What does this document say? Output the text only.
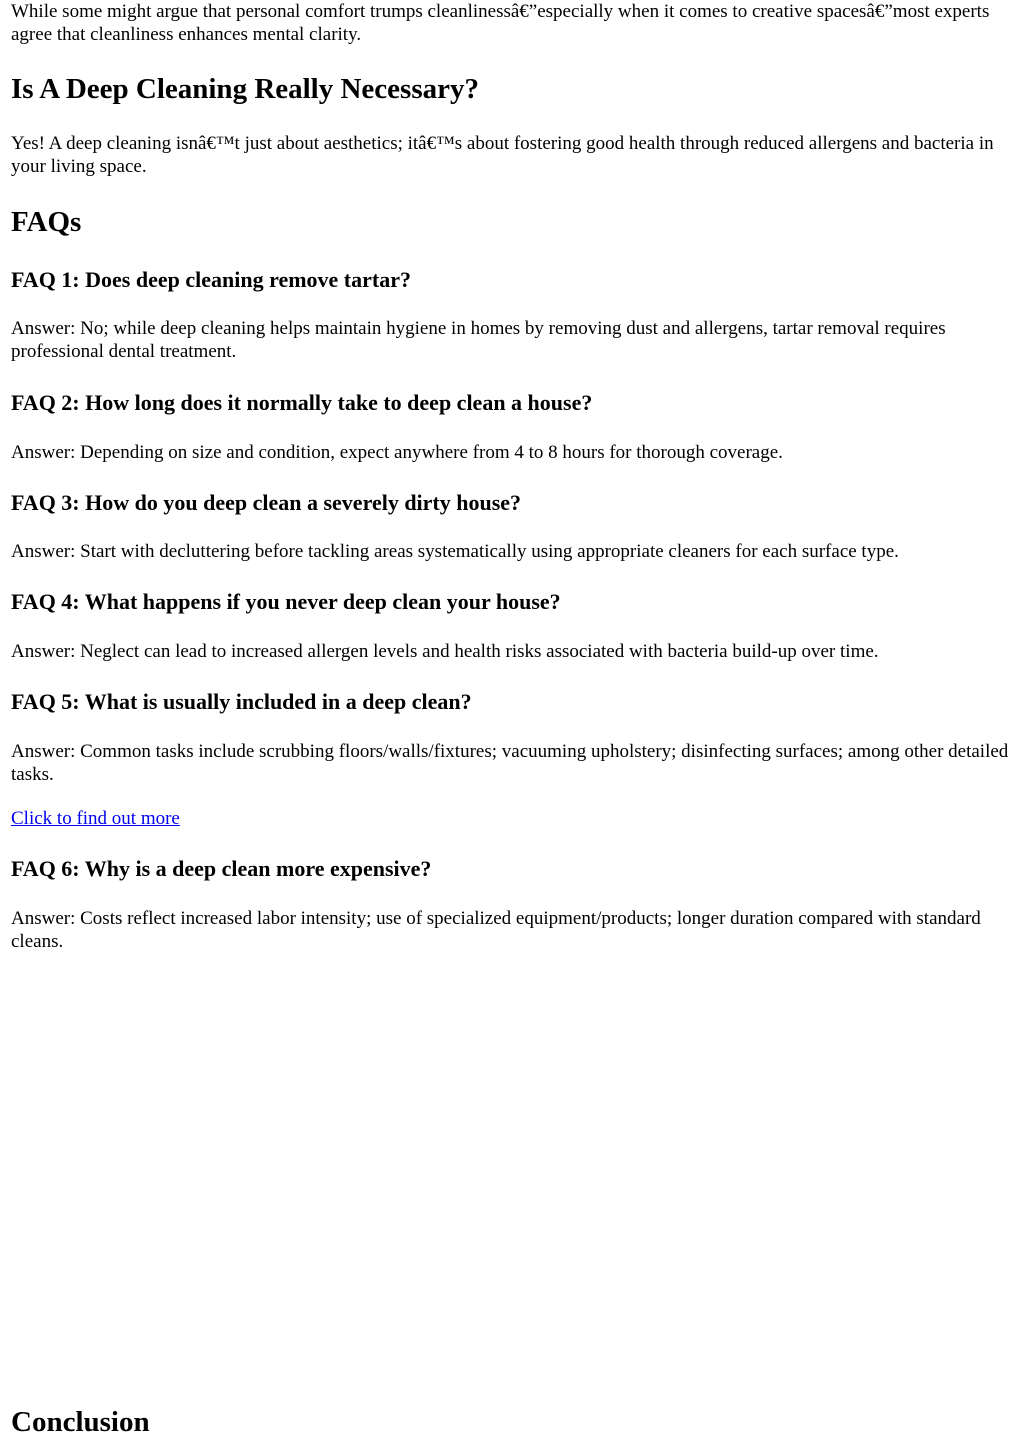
While some might argue that personal comfort trumps cleanlinessâ€”especially when it comes to creative spacesâ€”most experts agree that cleanliness enhances mental clarity.

Is A Deep Cleaning Really Necessary?

Yes! A deep cleaning isnâ€™t just about aesthetics; itâ€™s about fostering good health through reduced allergens and bacteria in your living space.

FAQs
FAQ 1: Does deep cleaning remove tartar?

Answer: No; while deep cleaning helps maintain hygiene in homes by removing dust and allergens, tartar removal requires professional dental treatment.

FAQ 2: How long does it normally take to deep clean a house?

Answer: Depending on size and condition, expect anywhere from 4 to 8 hours for thorough coverage.

FAQ 3: How do you deep clean a severely dirty house?

Answer: Start with decluttering before tackling areas systematically using appropriate cleaners for each surface type.

FAQ 4: What happens if you never deep clean your house?

Answer: Neglect can lead to increased allergen levels and health risks associated with bacteria build-up over time.

FAQ 5: What is usually included in a deep clean?

Answer: Common tasks include scrubbing floors/walls/fixtures; vacuuming upholstery; disinfecting surfaces; among other detailed tasks.

Click to find out more

FAQ 6: Why is a deep clean more expensive?

Answer: Costs reflect increased labor intensity; use of specialized equipment/products; longer duration compared with standard cleans.

Conclusion
